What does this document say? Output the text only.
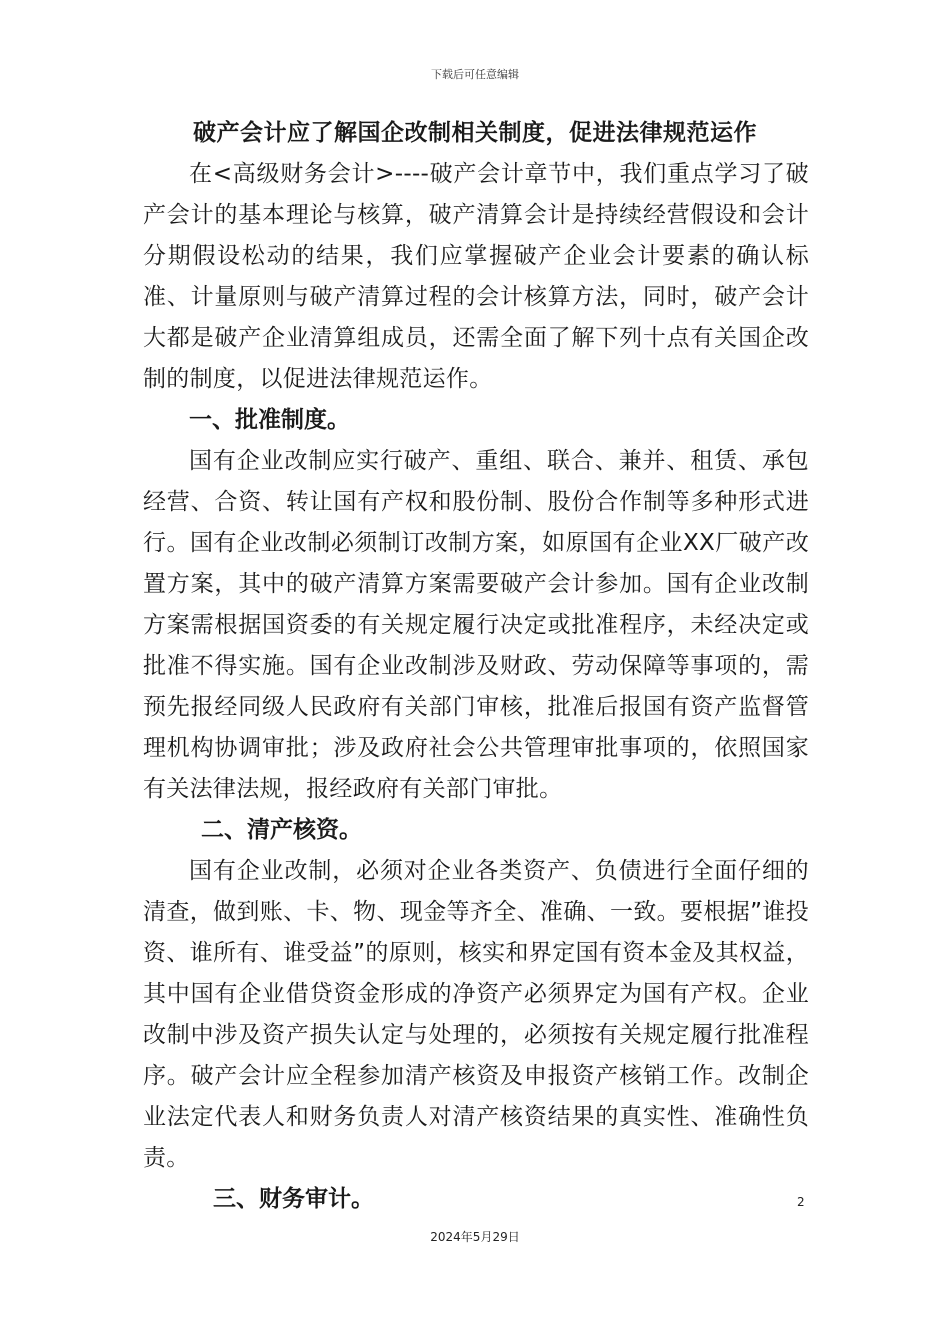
下载后可任意编辑
破产会计应了解国企改制相关制度，促进法律规范运作

在<高级财务会计>----破产会计章节中，我们重点学习了破产会计的基本理论与核算，破产清算会计是持续经营假设和会计分期假设松动的结果，我们应掌握破产企业会计要素的确认标准、计量原则与破产清算过程的会计核算方法，同时，破产会计大都是破产企业清算组成员，还需全面了解下列十点有关国企改制的制度，以促进法律规范运作。

一、批准制度。

国有企业改制应实行破产、重组、联合、兼并、租赁、承包经营、合资、转让国有产权和股份制、股份合作制等多种形式进行。国有企业改制必须制订改制方案，如原国有企业XX厂破产改置方案，其中的破产清算方案需要破产会计参加。国有企业改制方案需根据国资委的有关规定履行决定或批准程序，未经决定或批准不得实施。国有企业改制涉及财政、劳动保障等事项的，需预先报经同级人民政府有关部门审核，批准后报国有资产监督管理机构协调审批；涉及政府社会公共管理审批事项的，依照国家有关法律法规，报经政府有关部门审批。

二、清产核资。

国有企业改制，必须对企业各类资产、负债进行全面仔细的清查，做到账、卡、物、现金等齐全、准确、一致。要根据”谁投资、谁所有、谁受益”的原则，核实和界定国有资本金及其权益，其中国有企业借贷资金形成的净资产必须界定为国有产权。企业改制中涉及资产损失认定与处理的，必须按有关规定履行批准程序。破产会计应全程参加清产核资及申报资产核销工作。改制企业法定代表人和财务负责人对清产核资结果的真实性、准确性负责。

三、财务审计。	2
2024年5月29日
